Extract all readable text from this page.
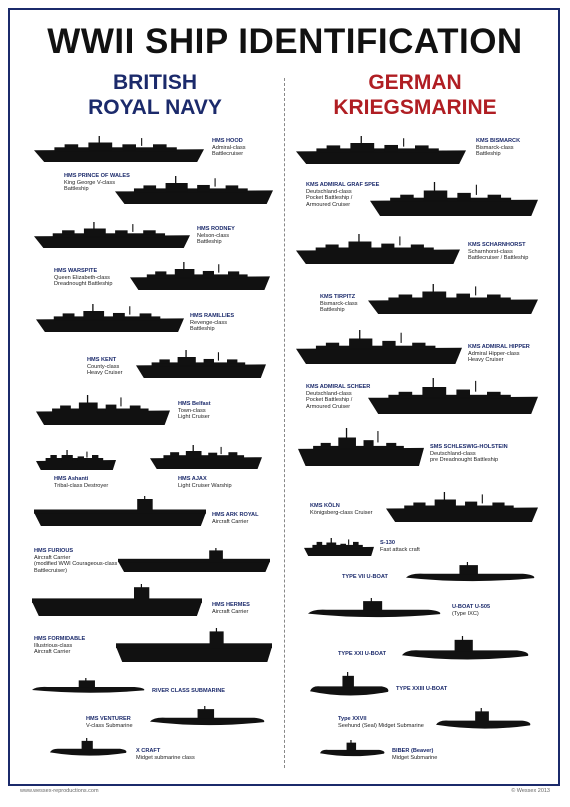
WWII SHIP IDENTIFICATION
BRITISH
ROYAL NAVY
GERMAN
KRIEGSMARINE
HMS HOOD
Admiral-class
Battlecruiser
HMS PRINCE OF WALES
King George V-class
Battleship
HMS RODNEY
Nelson-class
Battleship
HMS WARSPITE
Queen Elizabeth-class
Dreadnought Battleship
HMS RAMILLIES
Revenge-class
Battleship
HMS KENT
County-class
Heavy Cruiser
HMS Belfast
Town-class
Light Cruiser
HMS Ashanti
Tribal-class Destroyer
HMS AJAX
Light Cruiser Warship
HMS ARK ROYAL
Aircraft Carrier
HMS FURIOUS
Aircraft Carrier
(modified WWI Courageous-class
Battlecruiser)
HMS HERMES
Aircraft Carrier
HMS FORMIDABLE
Illustrious-class
Aircraft Carrier
RIVER CLASS SUBMARINE
HMS VENTURER
V-class Submarine
X CRAFT
Midget submarine class
KMS BISMARCK
Bismarck-class
Battleship
KMS ADMIRAL GRAF SPEE
Deutschland-class
Pocket Battleship /
Armoured Cruiser
KMS SCHARNHORST
Scharnhorst-class
Battlecruiser / Battleship
KMS TIRPITZ
Bismarck-class
Battleship
KMS ADMIRAL HIPPER
Admiral Hipper-class
Heavy Cruiser
KMS ADMIRAL SCHEER
Deutschland-class
Pocket Battleship /
Armoured Cruiser
SMS SCHLESWIG-HOLSTEIN
Deutschland-class
pre Dreadnought Battleship
KMS KÖLN
Königsberg-class Cruiser
S-130
Fast attack craft
TYPE VII U-BOAT
U-BOAT U-505
(Type IXC)
TYPE XXI U-BOAT
TYPE XXIII U-BOAT
Type XXVII
Seehund (Seal) Midget Submarine
BIBER (Beaver)
Midget Submarine
www.wessex-reproductions.com	© Wessex 2013
